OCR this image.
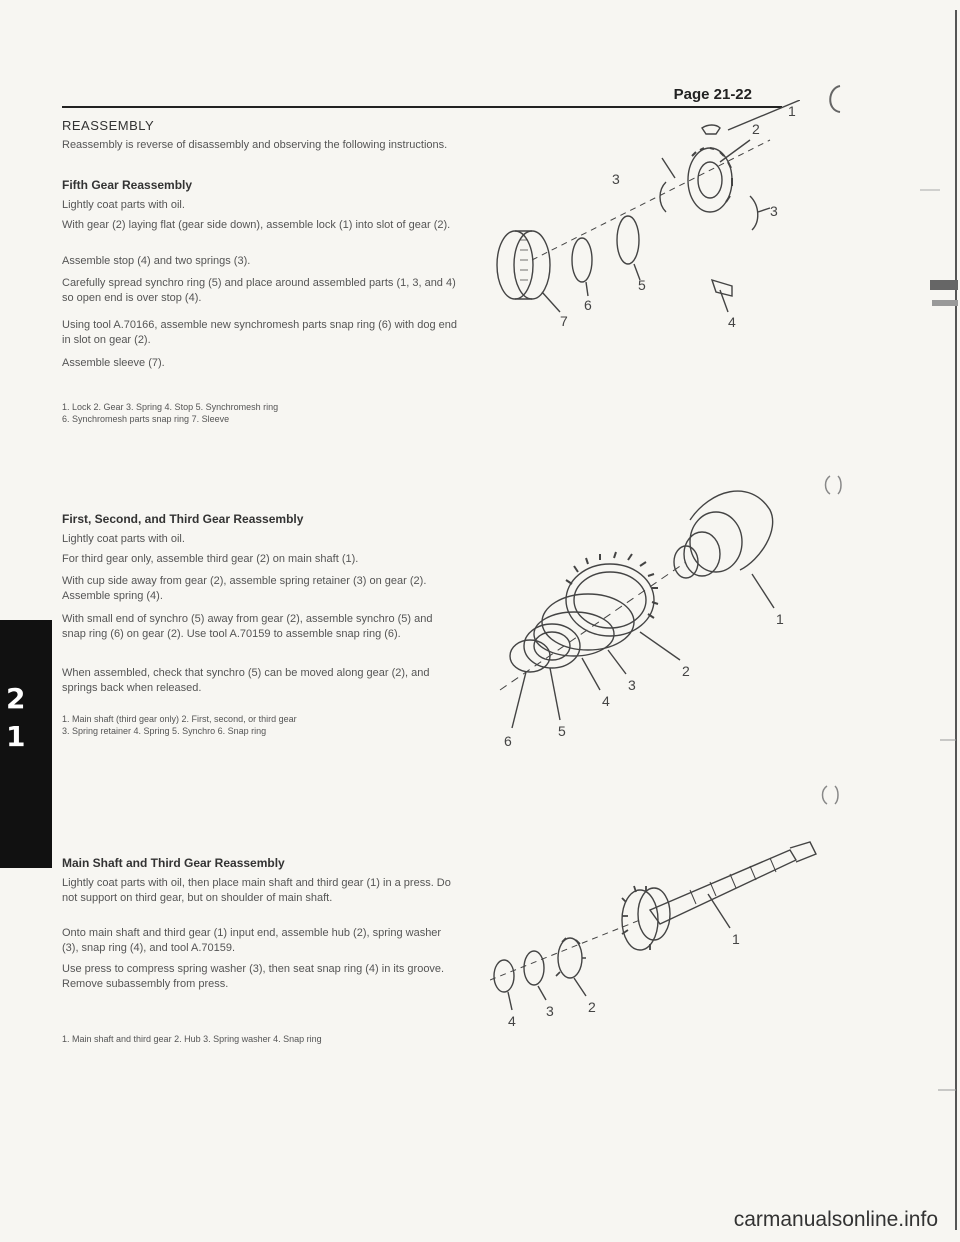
Page 21-22
REASSEMBLY

Reassembly is reverse of disassembly and observing the following instructions.

Fifth Gear Reassembly

Lightly coat parts with oil.

With gear (2) laying flat (gear side down), assemble lock (1) into slot of gear (2).

Assemble stop (4) and two springs (3).

Carefully spread synchro ring (5) and place around assembled parts (1, 3, and 4) so open end is over stop (4).

Using tool A.70166, assemble new synchromesh parts snap ring (6) with dog end in slot on gear (2).

Assemble sleeve (7).

1. Lock 2. Gear 3. Spring 4. Stop 5. Synchromesh ring
6. Synchromesh parts snap ring 7. Sleeve
First, Second, and Third Gear Reassembly

Lightly coat parts with oil.

For third gear only, assemble third gear (2) on main shaft (1).

With cup side away from gear (2), assemble spring retainer (3) on gear (2). Assemble spring (4).

With small end of synchro (5) away from gear (2), assemble synchro (5) and snap ring (6) on gear (2). Use tool A.70159 to assemble snap ring (6).

When assembled, check that synchro (5) can be moved along gear (2), and springs back when released.

1. Main shaft (third gear only) 2. First, second, or third gear
3. Spring retainer 4. Spring 5. Synchro 6. Snap ring
Main Shaft and Third Gear Reassembly

Lightly coat parts with oil, then place main shaft and third gear (1) in a press. Do not support on third gear, but on shoulder of main shaft.

Onto main shaft and third gear (1) input end, assemble hub (2), spring washer (3), snap ring (4), and tool A.70159.

Use press to compress spring washer (3), then seat snap ring (4) in its groove. Remove subassembly from press.

1. Main shaft and third gear 2. Hub 3. Spring washer 4. Snap ring
2
1
3
2
3
4
5
6
7
1
1
2
3
4
5
6
1
2
3
4
carmanualsonline.info
